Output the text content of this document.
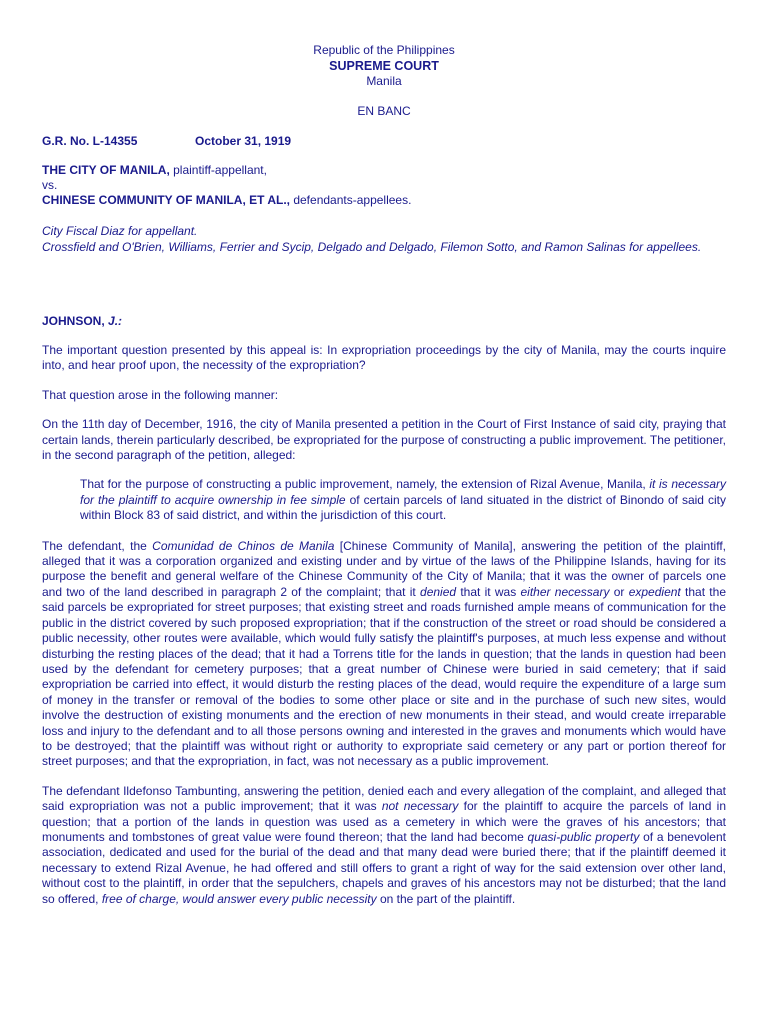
Republic of the Philippines
SUPREME COURT
Manila
EN BANC
G.R. No. L-14355	October 31, 1919
THE CITY OF MANILA, plaintiff-appellant,
vs.
CHINESE COMMUNITY OF MANILA, ET AL., defendants-appellees.
City Fiscal Diaz for appellant.
Crossfield and O'Brien, Williams, Ferrier and Sycip, Delgado and Delgado, Filemon Sotto, and Ramon Salinas for appellees.
JOHNSON, J.:

The important question presented by this appeal is: In expropriation proceedings by the city of Manila, may the courts inquire into, and hear proof upon, the necessity of the expropriation?

That question arose in the following manner:

On the 11th day of December, 1916, the city of Manila presented a petition in the Court of First Instance of said city, praying that certain lands, therein particularly described, be expropriated for the purpose of constructing a public improvement. The petitioner, in the second paragraph of the petition, alleged:

That for the purpose of constructing a public improvement, namely, the extension of Rizal Avenue, Manila, it is necessary for the plaintiff to acquire ownership in fee simple of certain parcels of land situated in the district of Binondo of said city within Block 83 of said district, and within the jurisdiction of this court.

The defendant, the Comunidad de Chinos de Manila [Chinese Community of Manila], answering the petition of the plaintiff, alleged that it was a corporation organized and existing under and by virtue of the laws of the Philippine Islands, having for its purpose the benefit and general welfare of the Chinese Community of the City of Manila; that it was the owner of parcels one and two of the land described in paragraph 2 of the complaint; that it denied that it was either necessary or expedient that the said parcels be expropriated for street purposes; that existing street and roads furnished ample means of communication for the public in the district covered by such proposed expropriation; that if the construction of the street or road should be considered a public necessity, other routes were available, which would fully satisfy the plaintiff's purposes, at much less expense and without disturbing the resting places of the dead; that it had a Torrens title for the lands in question; that the lands in question had been used by the defendant for cemetery purposes; that a great number of Chinese were buried in said cemetery; that if said expropriation be carried into effect, it would disturb the resting places of the dead, would require the expenditure of a large sum of money in the transfer or removal of the bodies to some other place or site and in the purchase of such new sites, would involve the destruction of existing monuments and the erection of new monuments in their stead, and would create irreparable loss and injury to the defendant and to all those persons owning and interested in the graves and monuments which would have to be destroyed; that the plaintiff was without right or authority to expropriate said cemetery or any part or portion thereof for street purposes; and that the expropriation, in fact, was not necessary as a public improvement.

The defendant Ildefonso Tambunting, answering the petition, denied each and every allegation of the complaint, and alleged that said expropriation was not a public improvement; that it was not necessary for the plaintiff to acquire the parcels of land in question; that a portion of the lands in question was used as a cemetery in which were the graves of his ancestors; that monuments and tombstones of great value were found thereon; that the land had become quasi-public property of a benevolent association, dedicated and used for the burial of the dead and that many dead were buried there; that if the plaintiff deemed it necessary to extend Rizal Avenue, he had offered and still offers to grant a right of way for the said extension over other land, without cost to the plaintiff, in order that the sepulchers, chapels and graves of his ancestors may not be disturbed; that the land so offered, free of charge, would answer every public necessity on the part of the plaintiff.
